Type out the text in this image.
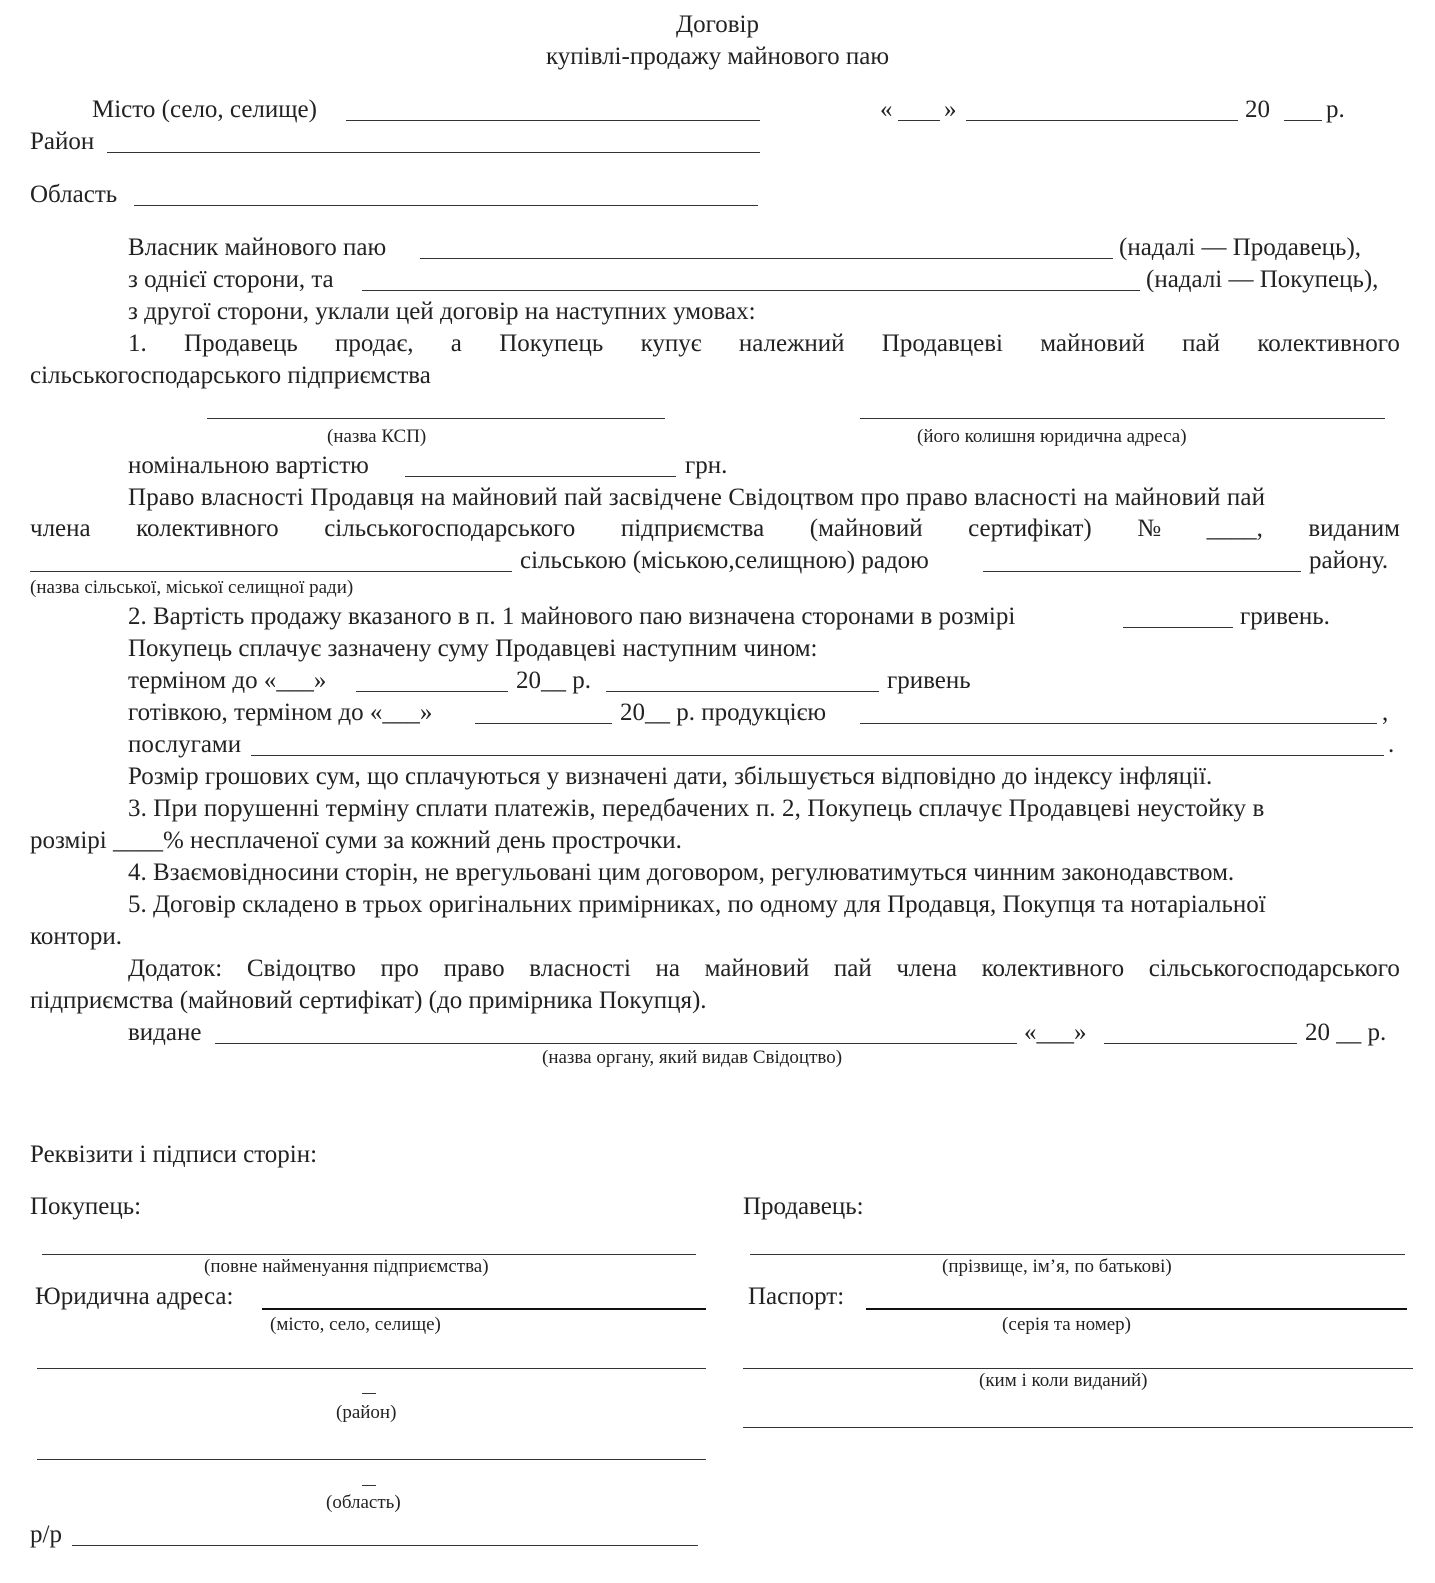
Договір
купівлі-продажу майнового паю
Місто (село, селище)	« »	20 р.
Район
Область
Власник майнового паю	(надалі — Продавець),
з однієї сторони, та	(надалі — Покупець),
з другої сторони, уклали цей договір на наступних умовах:
1. Продавець продає, а Покупець купує належний Продавцеві майновий пай колективного
сільськогосподарського підприємства
(назва КСП)	(його колишня юридична адреса)
номінальною вартістю	грн.
Право власності Продавця на майновий пай засвідчене Свідоцтвом про право власності на майновий пай
члена колективного сільськогосподарського підприємства (майновий сертифікат) № ____, виданим
сільською (міською,селищною) радою	району.
(назва сільської, міської селищної ради)
2. Вартість продажу вказаного в п. 1 майнового паю визначена сторонами в розмірі	гривень.
Покупець сплачує зазначену суму Продавцеві наступним чином:
терміном до «___»	20__ р.	гривень
готівкою, терміном до «___»	20__ р. продукцією	,
послугами	.
Розмір грошових сум, що сплачуються у визначені дати, збільшується відповідно до індексу інфляції.
3. При порушенні терміну сплати платежів, передбачених п. 2, Покупець сплачує Продавцеві неустойку в
розмірі ____% несплаченої суми за кожний день прострочки.
4. Взаємовідносини сторін, не врегульовані цим договором, регулюватимуться чинним законодавством.
5. Договір складено в трьох оригінальних примірниках, по одному для Продавця, Покупця та нотаріальної
контори.
Додаток: Свідоцтво про право власності на майновий пай члена колективного сільськогосподарського
підприємства (майновий сертифікат) (до примірника Покупця).
видане	«___»	20 __ р.
(назва органу, який видав Свідоцтво)
Реквізити і підписи сторін:
Покупець:
(повне найменуання підприємства)
Юридична адреса:
(місто, село, селище)
(район)
(область)
р/р
Продавець:
(прізвище, ім’я, по батькові)
Паспорт:
(серія та номер)
(ким і коли виданий)
